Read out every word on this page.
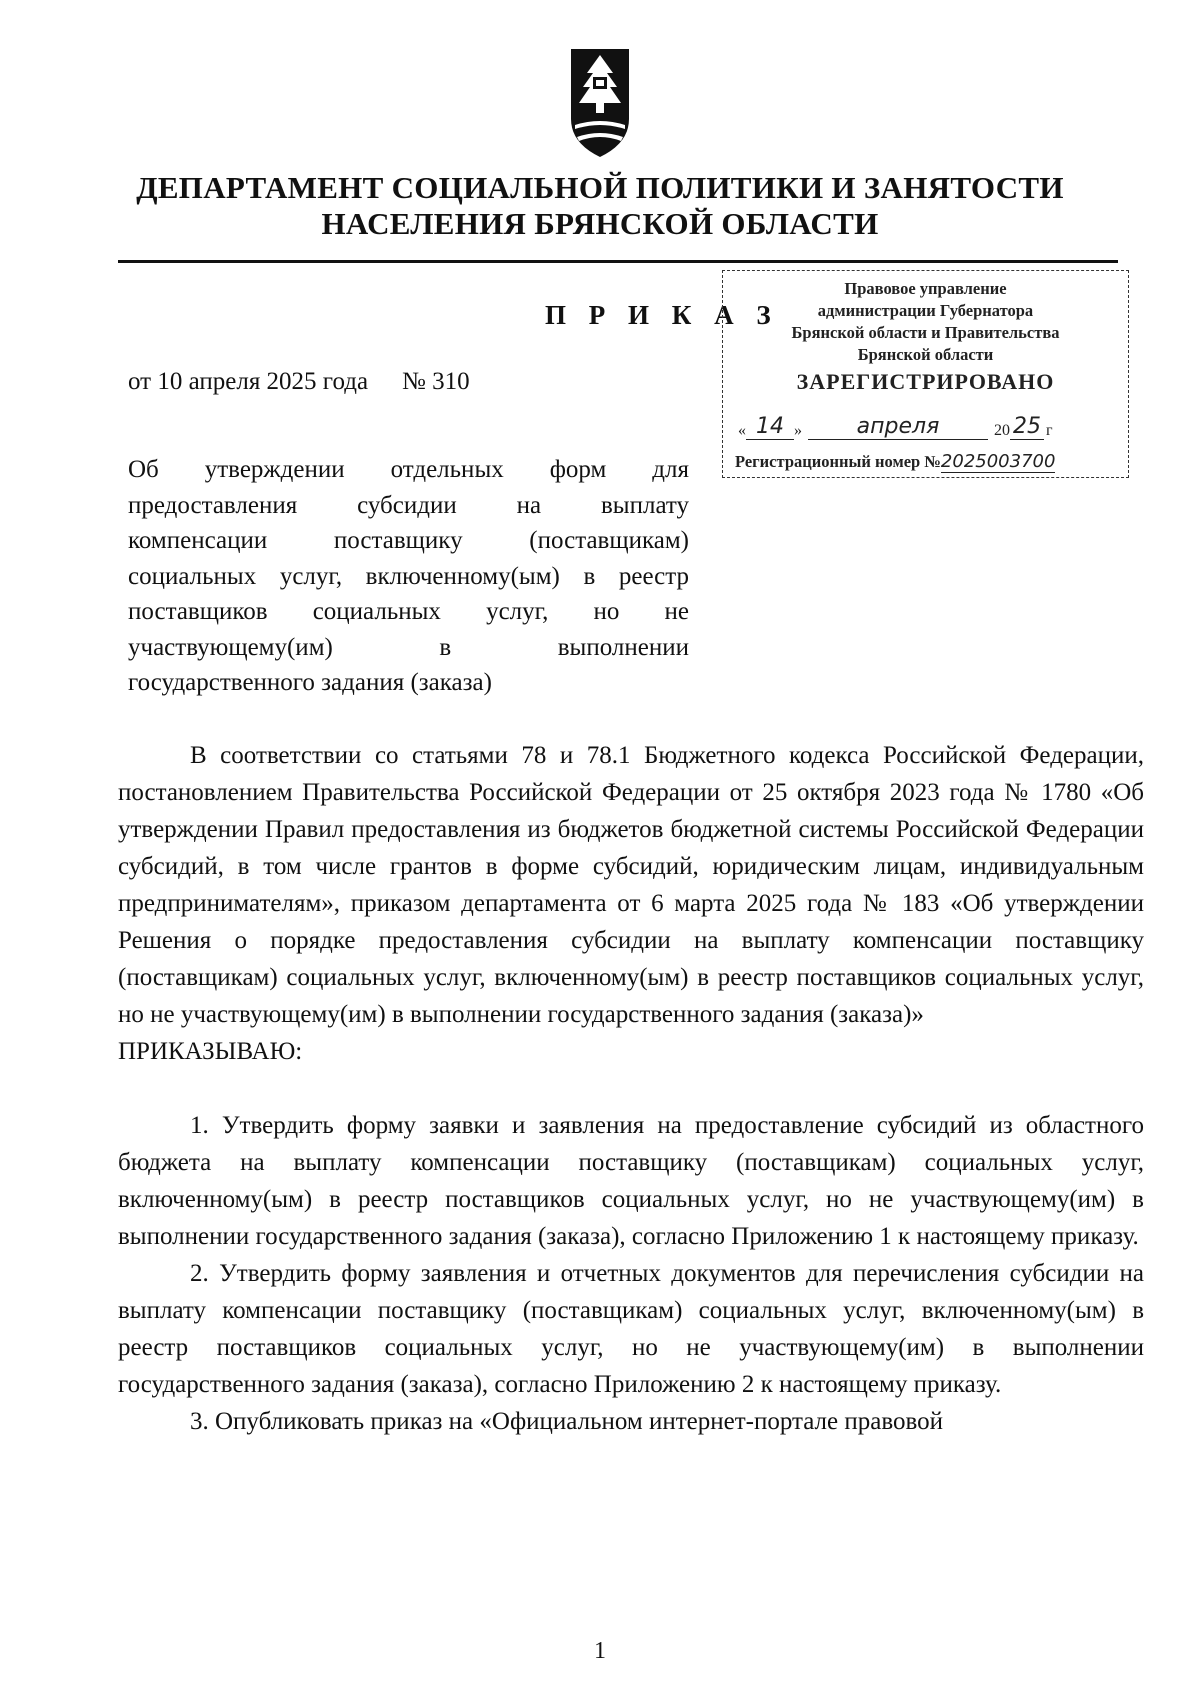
ДЕПАРТАМЕНТ СОЦИАЛЬНОЙ ПОЛИТИКИ И ЗАНЯТОСТИ
НАСЕЛЕНИЯ БРЯНСКОЙ ОБЛАСТИ
П Р И К А З
от 10 апреля 2025 года № 310
Правовое управление
администрации Губернатора
Брянской области и Правительства
Брянской области
ЗАРЕГИСТРИРОВАНО
« 14 »	апреля	20 25 г
Регистрационный номер №2025003700

Об утверждении отдельных форм для

предоставления субсидии на выплату

компенсации поставщику (поставщикам)

социальных услуг, включенному(ым) в реестр

поставщиков социальных услуг, но не

участвующему(им) в выполнении

государственного задания (заказа)

В соответствии со статьями 78 и 78.1 Бюджетного кодекса Российской Федерации, постановлением Правительства Российской Федерации от 25 октября 2023 года № 1780 «Об утверждении Правил предоставления из бюджетов бюджетной системы Российской Федерации субсидий, в том числе грантов в форме субсидий, юридическим лицам, индивидуальным предпринимателям», приказом департамента от 6 марта 2025 года № 183 «Об утверждении Решения о порядке предоставления субсидии на выплату компенсации поставщику (поставщикам) социальных услуг, включенному(ым) в реестр поставщиков социальных услуг, но не участвующему(им) в выполнении государственного задания (заказа)»

ПРИКАЗЫВАЮ:

1. Утвердить форму заявки и заявления на предоставление субсидий из областного бюджета на выплату компенсации поставщику (поставщикам) социальных услуг, включенному(ым) в реестр поставщиков социальных услуг, но не участвующему(им) в выполнении государственного задания (заказа), согласно Приложению 1 к настоящему приказу.

2. Утвердить форму заявления и отчетных документов для перечисления субсидии на выплату компенсации поставщику (поставщикам) социальных услуг, включенному(ым) в реестр поставщиков социальных услуг, но не участвующему(им) в выполнении государственного задания (заказа), согласно Приложению 2 к настоящему приказу.

3. Опубликовать приказ на «Официальном интернет-портале правовой

1
